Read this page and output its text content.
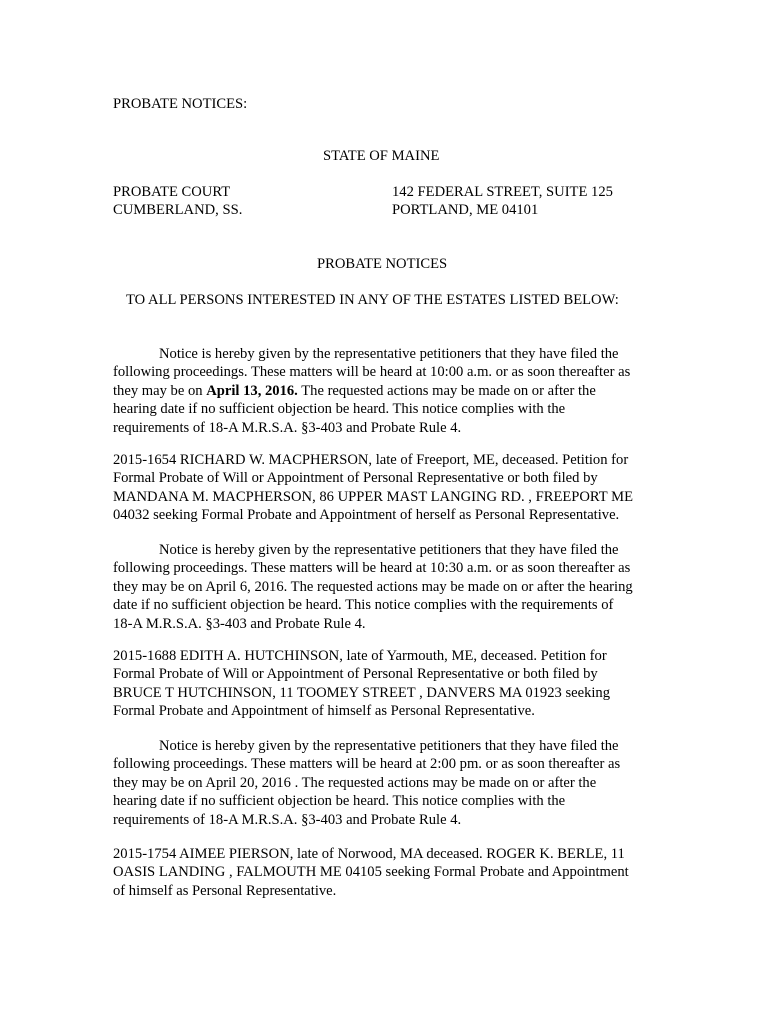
PROBATE NOTICES:

STATE OF MAINE

PROBATE COURT

CUMBERLAND, SS.

142 FEDERAL STREET, SUITE 125

PORTLAND, ME 04101

PROBATE NOTICES

TO ALL PERSONS INTERESTED IN ANY OF THE ESTATES LISTED BELOW:

Notice is hereby given by the representative petitioners that they have filed the
following proceedings. These matters will be heard at 10:00 a.m. or as soon thereafter as
they may be on April 13, 2016. The requested actions may be made on or after the
hearing date if no sufficient objection be heard. This notice complies with the
requirements of 18-A M.R.S.A. §3-403 and Probate Rule 4.
2015-1654 RICHARD W. MACPHERSON, late of Freeport, ME, deceased. Petition for
Formal Probate of Will or Appointment of Personal Representative or both filed by
MANDANA M. MACPHERSON, 86 UPPER MAST LANGING RD. , FREEPORT ME
04032 seeking Formal Probate and Appointment of herself as Personal Representative.
Notice is hereby given by the representative petitioners that they have filed the
following proceedings. These matters will be heard at 10:30 a.m. or as soon thereafter as
they may be on April 6, 2016. The requested actions may be made on or after the hearing
date if no sufficient objection be heard. This notice complies with the requirements of
18-A M.R.S.A. §3-403 and Probate Rule 4.
2015-1688 EDITH A. HUTCHINSON, late of Yarmouth, ME, deceased. Petition for
Formal Probate of Will or Appointment of Personal Representative or both filed by
BRUCE T HUTCHINSON, 11 TOOMEY STREET , DANVERS MA 01923 seeking
Formal Probate and Appointment of himself as Personal Representative.
Notice is hereby given by the representative petitioners that they have filed the
following proceedings. These matters will be heard at 2:00 pm. or as soon thereafter as
they may be on April 20, 2016 . The requested actions may be made on or after the
hearing date if no sufficient objection be heard. This notice complies with the
requirements of 18-A M.R.S.A. §3-403 and Probate Rule 4.
2015-1754 AIMEE PIERSON, late of Norwood, MA deceased. ROGER K. BERLE, 11
OASIS LANDING , FALMOUTH ME 04105 seeking Formal Probate and Appointment
of himself as Personal Representative.
